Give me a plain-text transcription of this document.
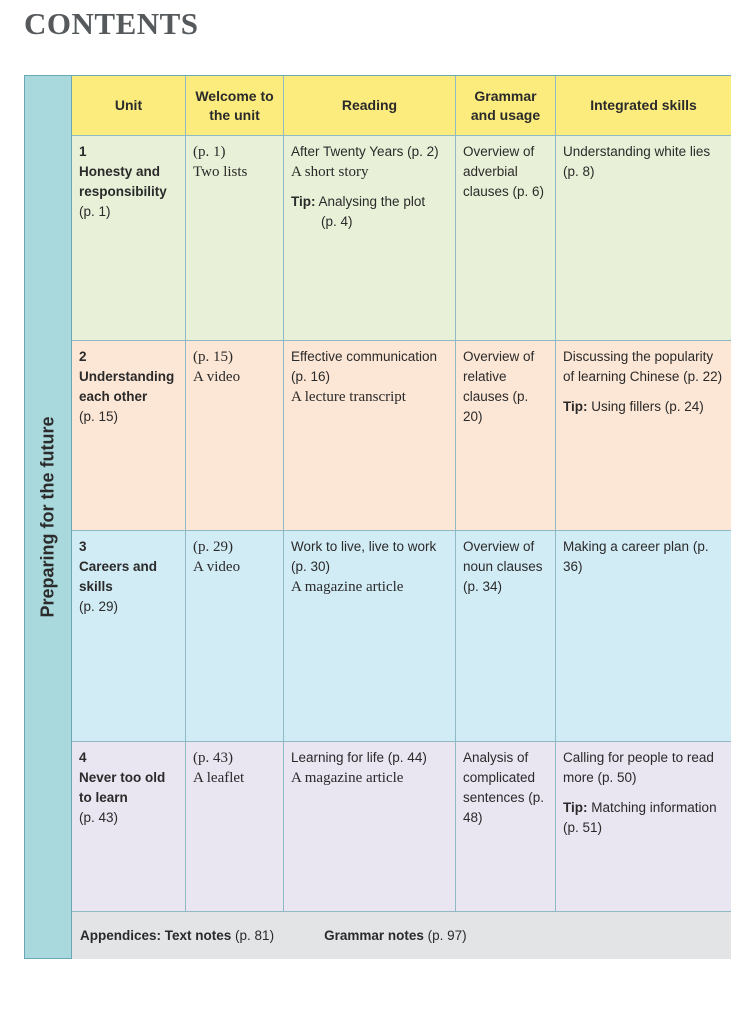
CONTENTS
Preparing for the future
Unit
Welcome to the unit
Reading
Grammar and usage
Integrated skills
1
Honesty and responsibility
(p. 1)
(p. 1)
Two lists
After Twenty Years (p. 2)
A short story
Tip: Analysing the plot
(p. 4)
Overview of adverbial clauses (p. 6)
Understanding white lies (p. 8)
2
Understanding each other
(p. 15)
(p. 15)
A video
Effective communication (p. 16)
A lecture transcript
Overview of relative clauses (p. 20)
Discussing the popularity of learning Chinese (p. 22)
Tip: Using fillers (p. 24)
3
Careers and skills
(p. 29)
(p. 29)
A video
Work to live, live to work (p. 30)
A magazine article
Overview of noun clauses (p. 34)
Making a career plan (p. 36)
4
Never too old to learn
(p. 43)
(p. 43)
A leaflet
Learning for life (p. 44)
A magazine article
Analysis of complicated sentences (p. 48)
Calling for people to read more (p. 50)
Tip: Matching information (p. 51)
Appendices: Text notes
(p. 81)	Grammar notes
(p. 97)
